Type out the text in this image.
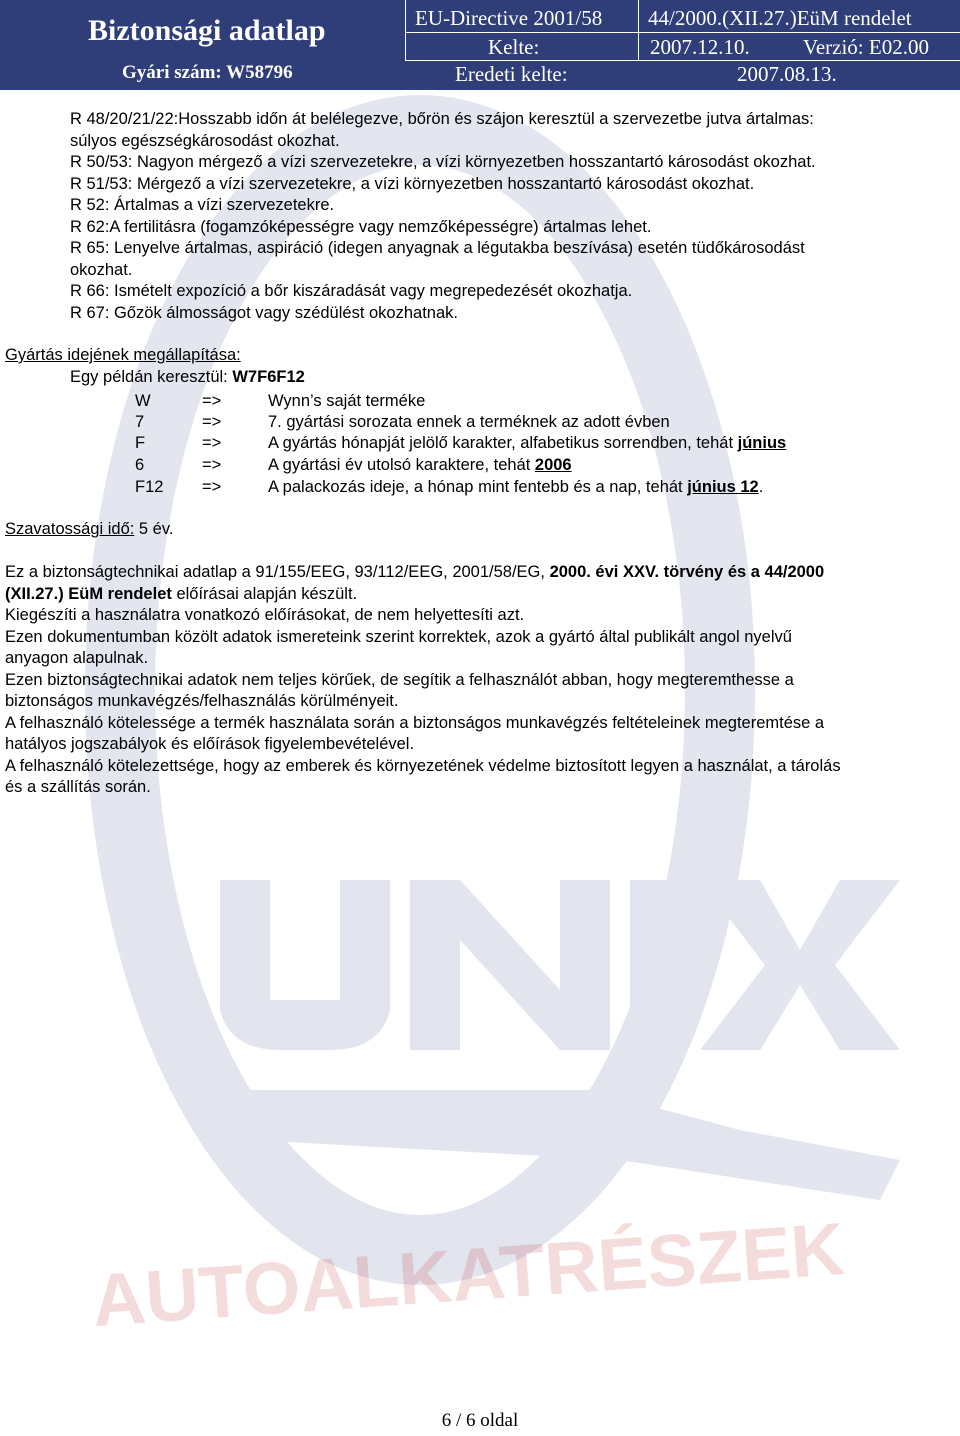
AUTOALKATRÉSZEK
Biztonsági adatlap
Gyári szám: W58796
EU-Directive 2001/58 44/2000.(XII.27.)EüM rendelet
Kelte:	2007.12.10.	Verzió: E02.00
Eredeti kelte:	2007.08.13.
R 48/20/21/22:Hosszabb időn át belélegezve, bőrön és szájon keresztül a szervezetbe jutva ártalmas:
súlyos egészségkárosodást okozhat.
R 50/53: Nagyon mérgező a vízi szervezetekre, a vízi környezetben hosszantartó károsodást okozhat.
R 51/53: Mérgező a vízi szervezetekre, a vízi környezetben hosszantartó károsodást okozhat.
R 52: Ártalmas a vízi szervezetekre.
R 62:A fertilitásra (fogamzóképességre vagy nemzőképességre) ártalmas lehet.
R 65: Lenyelve ártalmas, aspiráció (idegen anyagnak a légutakba beszívása) esetén tüdőkárosodást
okozhat.
R 66: Ismételt expozíció a bőr kiszáradását vagy megrepedezését okozhatja.
R 67: Gőzök álmosságot vagy szédülést okozhatnak.
Gyártás idejének megállapítása:
Egy példán keresztül: W7F6F12
W	=>	Wynn’s saját terméke
7	=>	7. gyártási sorozata ennek a terméknek az adott évben
F	=>	A gyártás hónapját jelölő karakter, alfabetikus sorrendben, tehát június
6	=>	A gyártási év utolsó karaktere, tehát 2006
F12 =>	A palackozás ideje, a hónap mint fentebb és a nap, tehát június 12.
Szavatossági idő: 5 év.
Ez a biztonságtechnikai adatlap a 91/155/EEG, 93/112/EEG, 2001/58/EG, 2000. évi XXV. törvény és a 44/2000
(XII.27.) EüM rendelet előírásai alapján készült.
Kiegészíti a használatra vonatkozó előírásokat, de nem helyettesíti azt.
Ezen dokumentumban közölt adatok ismereteink szerint korrektek, azok a gyártó által publikált angol nyelvű
anyagon alapulnak.
Ezen biztonságtechnikai adatok nem teljes körűek, de segítik a felhasználót abban, hogy megteremthesse a
biztonságos munkavégzés/felhasználás körülményeit.
A felhasználó kötelessége a termék használata során a biztonságos munkavégzés feltételeinek megteremtése a
hatályos jogszabályok és előírások figyelembevételével.
A felhasználó kötelezettsége, hogy az emberek és környezetének védelme biztosított legyen a használat, a tárolás
és a szállítás során.
6 / 6 oldal
